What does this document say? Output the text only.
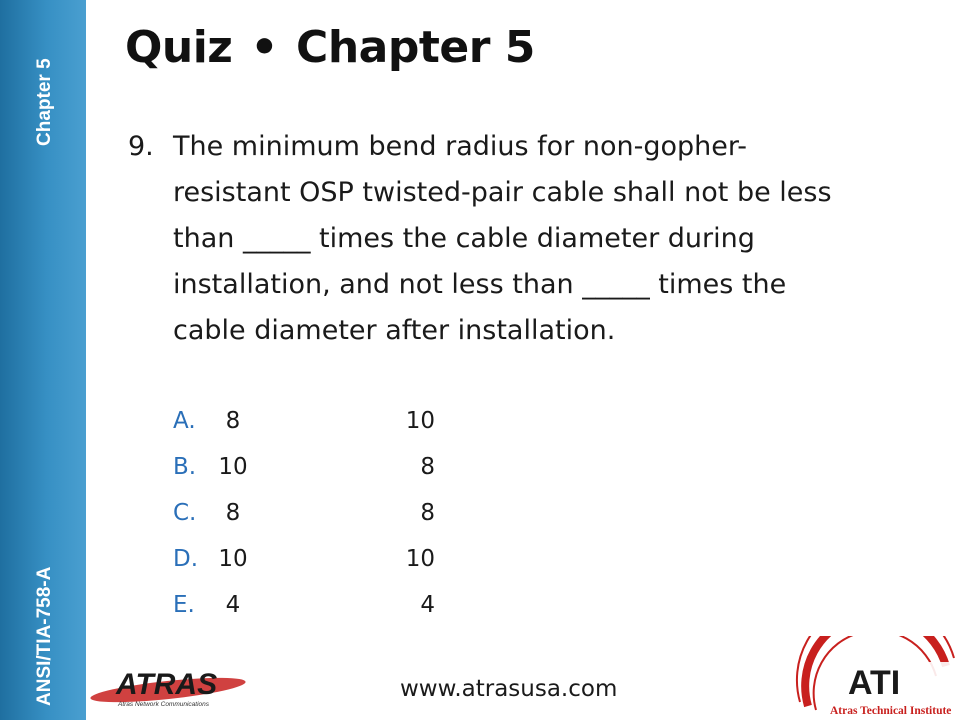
Chapter 5
ANSI/TIA-758-A
Quiz • Chapter 5
9. The minimum bend radius for non-gopher-resistant OSP twisted-pair cable shall not be less than _____ times the cable diameter during installation, and not less than _____ times the cable diameter after installation.
A.	8	10
B. 10	8
C.	8	8
D. 10	10
E.	4	4
ATRAS
Atras Network Communications
www.atrasusa.com	ATI
Atras Technical Institute
